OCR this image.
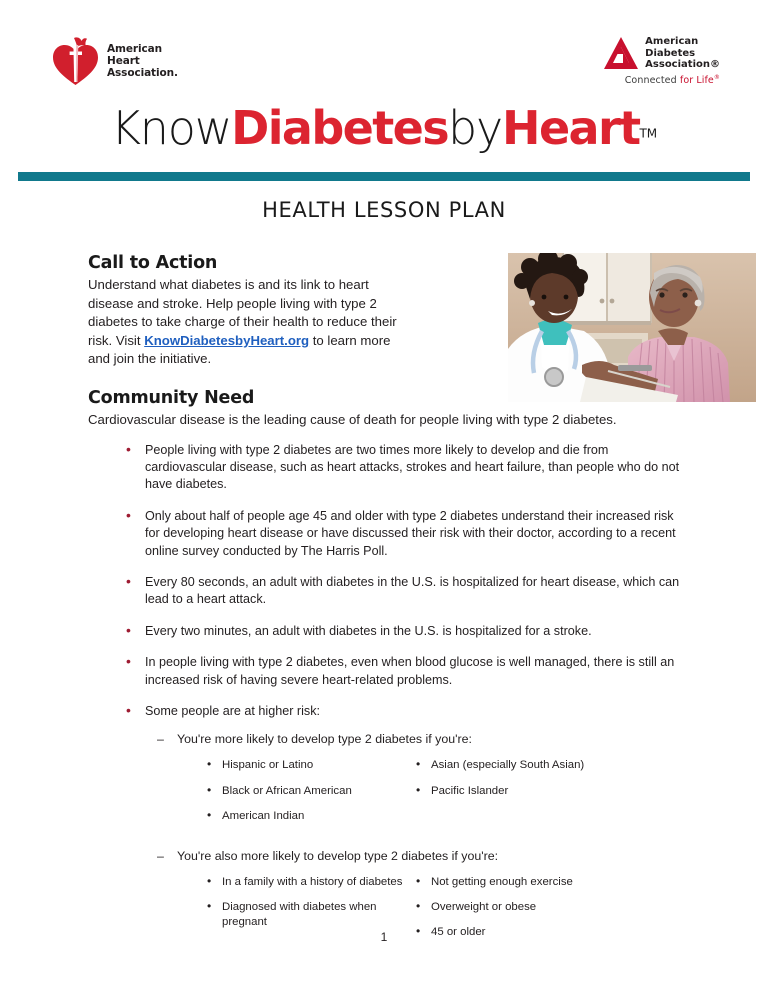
American
Heart
Association.
American
Diabetes
Association®
Connected for Life®
KnowDiabetesbyHeart™
HEALTH LESSON PLAN
Call to Action

Understand what diabetes is and its link to heart disease and stroke. Help people living with type 2 diabetes to take charge of their health to reduce their risk. Visit KnowDiabetesbyHeart.org to learn more and join the initiative.

Community Need

Cardiovascular disease is the leading cause of death for people living with type 2 diabetes.

• People living with type 2 diabetes are two times more likely to develop and die from cardiovascular disease, such as heart attacks, strokes and heart failure, than people who do not have diabetes.
• Only about half of people age 45 and older with type 2 diabetes understand their increased risk for developing heart disease or have discussed their risk with their doctor, according to a recent online survey conducted by The Harris Poll.
• Every 80 seconds, an adult with diabetes in the U.S. is hospitalized for heart disease, which can lead to a heart attack.
• Every two minutes, an adult with diabetes in the U.S. is hospitalized for a stroke.
• In people living with type 2 diabetes, even when blood glucose is well managed, there is still an increased risk of having severe heart-related problems.
• Some people are at higher risk:
– You're more likely to develop type 2 diabetes if you're:
• Hispanic or Latino
• Black or African American
• American Indian
• Asian (especially South Asian)
• Pacific Islander
– You're also more likely to develop type 2 diabetes if you're:
• In a family with a history of diabetes
• Diagnosed with diabetes when pregnant
• Not getting enough exercise
• Overweight or obese
• 45 or older
1
